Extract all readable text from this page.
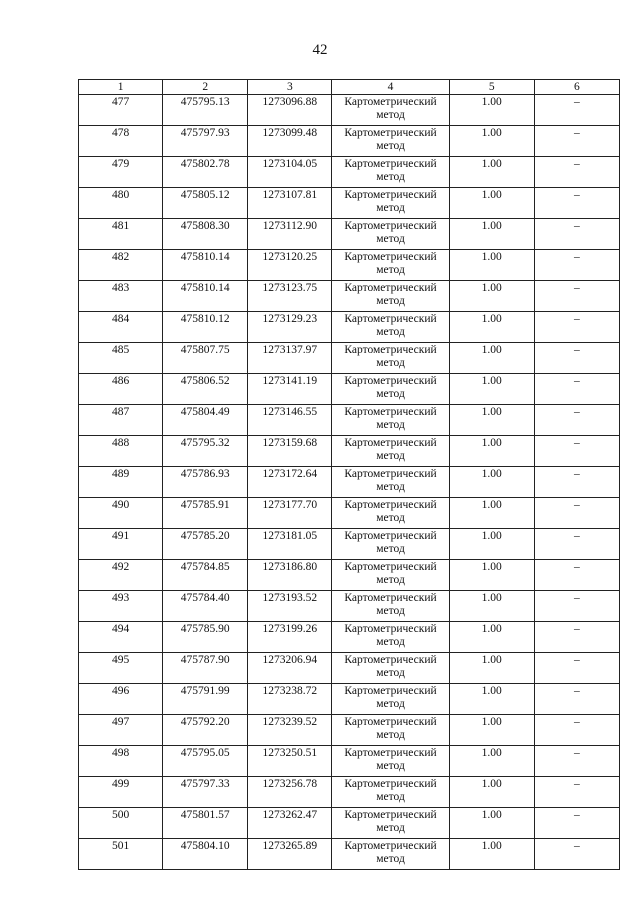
42
1	2	3	4	5	6
477	475795.13	1273096.88	Картометрический метод	1.00	–
478	475797.93	1273099.48	Картометрический метод	1.00	–
479	475802.78	1273104.05	Картометрический метод	1.00	–
480	475805.12	1273107.81	Картометрический метод	1.00	–
481	475808.30	1273112.90	Картометрический метод	1.00	–
482	475810.14	1273120.25	Картометрический метод	1.00	–
483	475810.14	1273123.75	Картометрический метод	1.00	–
484	475810.12	1273129.23	Картометрический метод	1.00	–
485	475807.75	1273137.97	Картометрический метод	1.00	–
486	475806.52	1273141.19	Картометрический метод	1.00	–
487	475804.49	1273146.55	Картометрический метод	1.00	–
488	475795.32	1273159.68	Картометрический метод	1.00	–
489	475786.93	1273172.64	Картометрический метод	1.00	–
490	475785.91	1273177.70	Картометрический метод	1.00	–
491	475785.20	1273181.05	Картометрический метод	1.00	–
492	475784.85	1273186.80	Картометрический метод	1.00	–
493	475784.40	1273193.52	Картометрический метод	1.00	–
494	475785.90	1273199.26	Картометрический метод	1.00	–
495	475787.90	1273206.94	Картометрический метод	1.00	–
496	475791.99	1273238.72	Картометрический метод	1.00	–
497	475792.20	1273239.52	Картометрический метод	1.00	–
498	475795.05	1273250.51	Картометрический метод	1.00	–
499	475797.33	1273256.78	Картометрический метод	1.00	–
500	475801.57	1273262.47	Картометрический метод	1.00	–
501	475804.10	1273265.89	Картометрический метод	1.00	–
